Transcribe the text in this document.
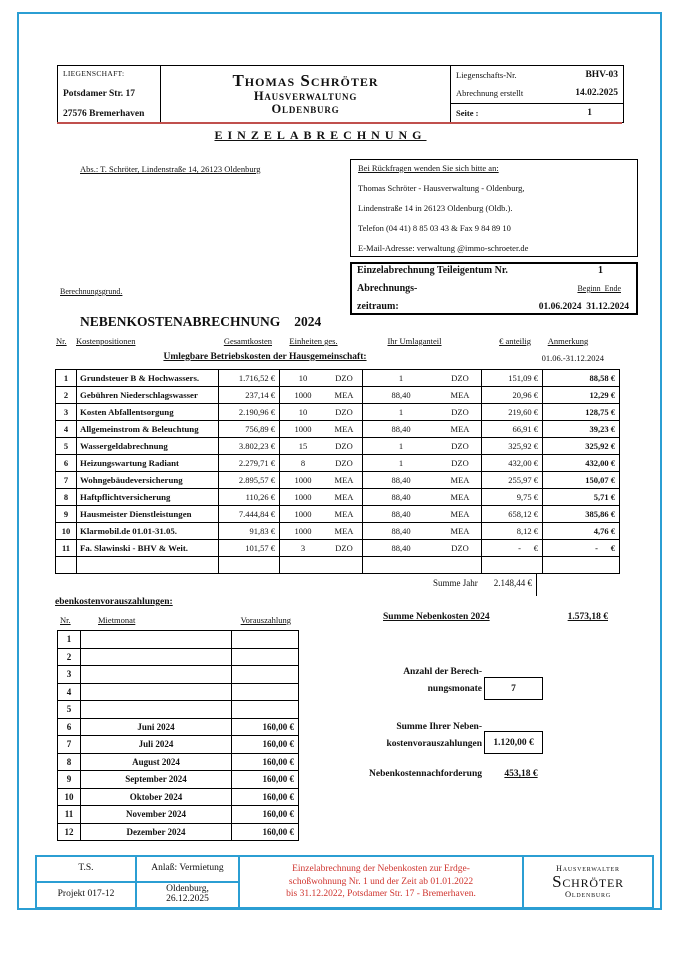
LIEGENSCHAFT:
Potsdamer Str. 17
27576 Bremerhaven
Thomas Schröter
Hausverwaltung
Oldenburg
Liegenschafts-Nr.	BHV-03
Abrechnung erstellt	14.02.2025
Seite :	1
EINZELABRECHNUNG
Abs.: T. Schröter, Lindenstraße 14, 26123 Oldenburg	Bei Rückfragen wenden Sie sich bitte an:
Thomas Schröter - Hausverwaltung - Oldenburg,
Lindenstraße 14 in 26123 Oldenburg (Oldb.).
Telefon (04 41) 8 85 03 43 & Fax 9 84 89 10
E-Mail-Adresse: verwaltung @immo-schroeter.de
Berechnungsgrund.
Einzelabrechnung Teileigentum Nr.	1
Abrechnungs-	Beginn  Ende
zeitraum:	01.06.2024  31.12.2024
NEBENKOSTENABRECHNUNG 2024
Nr.	Kostenpositionen	Gesamtkosten	Einheiten ges.	Ihr Umlaganteil	€ anteilig	Anmerkung
Umlegbare Betriebskosten der Hausgemeinschaft:	01.06.-31.12.2024
1	Grundsteuer B & Hochwassers.	1.716,52 €	10	DZO	1	DZO	151,09 €	88,58 €
2	Gebühren Niederschlagswasser	237,14 €	1000	MEA	88,40	MEA	20,96 €	12,29 €
3	Kosten Abfallentsorgung	2.190,96 €	10	DZO	1	DZO	219,60 €	128,75 €
4	Allgemeinstrom & Beleuchtung	756,89 €	1000	MEA	88,40	MEA	66,91 €	39,23 €
5	Wassergeldabrechnung	3.802,23 €	15	DZO	1	DZO	325,92 €	325,92 €
6	Heizungswartung Radiant	2.279,71 €	8	DZO	1	DZO	432,00 €	432,00 €
7	Wohngebäudeversicherung	2.895,57 €	1000	MEA	88,40	MEA	255,97 €	150,07 €
8	Haftpflichtversicherung	110,26 €	1000	MEA	88,40	MEA	9,75 €	5,71 €
9	Hausmeister Dienstleistungen	7.444,84 €	1000	MEA	88,40	MEA	658,12 €	385,86 €
10	Klarmobil.de 01.01-31.05.	91,83 €	1000	MEA	88,40	MEA	8,12 €	4,76 €
11	Fa. Slawinski - BHV & Weit.	101,57 €	3	DZO	88,40	DZO	-      €	-      €
Summe Jahr 2.148,44 €
ebenkostenvorauszahlungen:
Nr.	Mietmonat	Vorauszahlung
1
2
3
4
5
6	Juni 2024	160,00 €
7	Juli 2024	160,00 €
8	August 2024	160,00 €
9	September 2024	160,00 €
10	Oktober 2024	160,00 €
11	November 2024	160,00 €
12	Dezember 2024	160,00 €
Summe Nebenkosten 2024	1.573,18 €
Anzahl der Berech-
nungsmonate	7
Summe Ihrer Neben-
kostenvorauszahlungen	1.120,00 €
Nebenkostennachforderung	453,18 €
T.S.
Projekt 017-12
Anlaß: Vermietung
Oldenburg,
26.12.2025
Einzelabrechnung der Nebenkosten zur Erdge-
schoßwohnung Nr. 1 und der Zeit ab 01.01.2022
bis 31.12.2022, Potsdamer Str. 17 - Bremerhaven.
Hausverwalter
Schröter
Oldenburg
